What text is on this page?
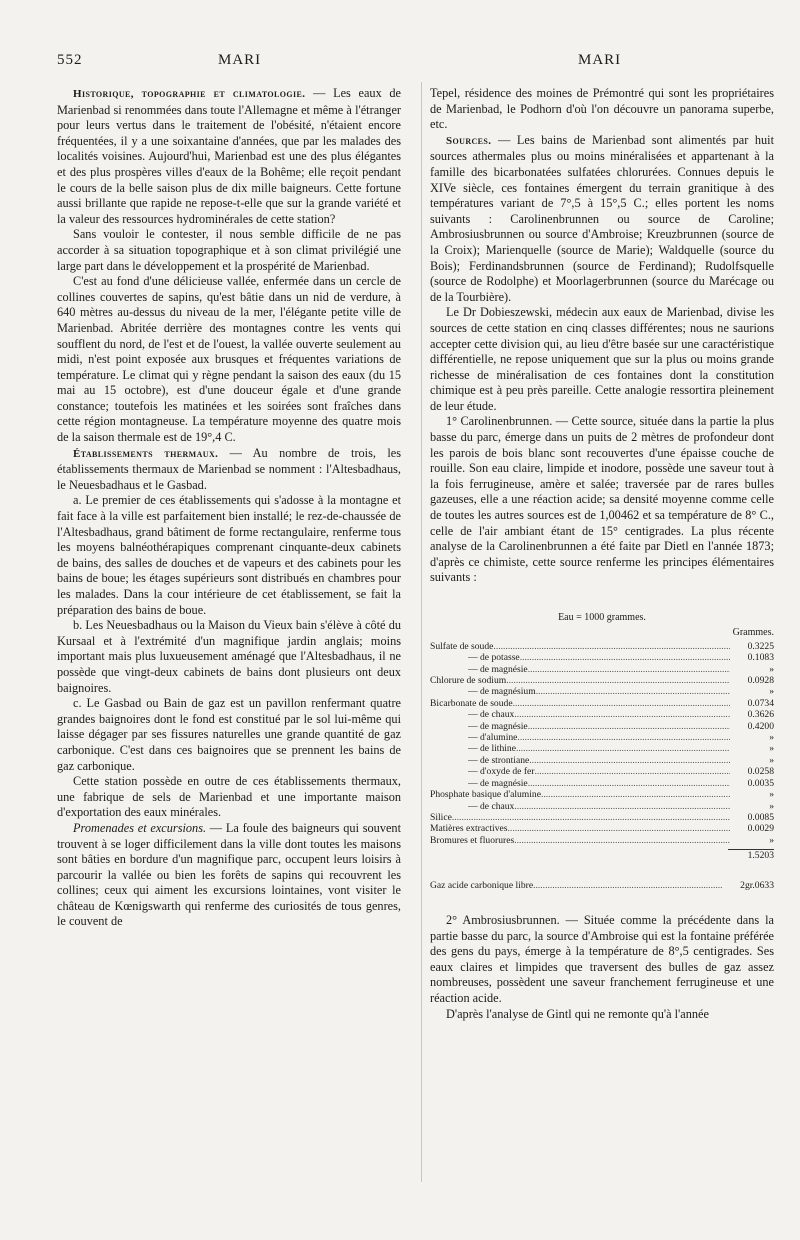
552	MARI	MARI

Historique, topographie et climatologie. — Les eaux de Marienbad si renommées dans toute l'Allemagne et même à l'étranger pour leurs vertus dans le traitement de l'obésité, n'étaient encore fréquentées, il y a une soixantaine d'années, que par les malades des localités voisines. Aujourd'hui, Marienbad est une des plus élégantes et des plus prospères villes d'eaux de la Bohême; elle reçoit pendant le cours de la belle saison plus de dix mille baigneurs. Cette fortune aussi brillante que rapide ne repose-t-elle que sur la grande variété et la valeur des ressources hydrominérales de cette station?

Sans vouloir le contester, il nous semble difficile de ne pas accorder à sa situation topographique et à son climat privilégié une large part dans le développement et la prospérité de Marienbad.

C'est au fond d'une délicieuse vallée, enfermée dans un cercle de collines couvertes de sapins, qu'est bâtie dans un nid de verdure, à 640 mètres au-dessus du niveau de la mer, l'élégante petite ville de Marienbad. Abritée derrière des montagnes contre les vents qui soufflent du nord, de l'est et de l'ouest, la vallée ouverte seulement au midi, n'est point exposée aux brusques et fréquentes variations de température. Le climat qui y règne pendant la saison des eaux (du 15 mai au 15 octobre), est d'une douceur égale et d'une grande constance; toutefois les matinées et les soirées sont fraîches dans cette région montagneuse. La température moyenne des quatre mois de la saison thermale est de 19°,4 C.

Établissements thermaux. — Au nombre de trois, les établissements thermaux de Marienbad se nomment : l'Altesbadhaus, le Neuesbadhaus et le Gasbad.

a. Le premier de ces établissements qui s'adosse à la montagne et fait face à la ville est parfaitement bien installé; le rez-de-chaussée de l'Altesbadhaus, grand bâtiment de forme rectangulaire, renferme tous les moyens balnéothérapiques comprenant cinquante-deux cabinets de bains, des salles de douches et de vapeurs et des cabinets pour les bains de boue; les étages supérieurs sont distribués en chambres pour les malades. Dans la cour intérieure de cet établissement, se fait la préparation des bains de boue.

b. Les Neuesbadhaus ou la Maison du Vieux bain s'élève à côté du Kursaal et à l'extrémité d'un magnifique jardin anglais; moins important mais plus luxueusement aménagé que l'Altesbadhaus, il ne possède que vingt-deux cabinets de bains dont plusieurs ont deux baignoires.

c. Le Gasbad ou Bain de gaz est un pavillon renfermant quatre grandes baignoires dont le fond est constitué par le sol lui-même qui laisse dégager par ses fissures naturelles une grande quantité de gaz carbonique. C'est dans ces baignoires que se prennent les bains de gaz carbonique.

Cette station possède en outre de ces établissements thermaux, une fabrique de sels de Marienbad et une importante maison d'exportation des eaux minérales.

Promenades et excursions. — La foule des baigneurs qui souvent trouvent à se loger difficilement dans la ville dont toutes les maisons sont bâties en bordure d'un magnifique parc, occupent leurs loisirs à parcourir la vallée ou bien les forêts de sapins qui recouvrent les collines; ceux qui aiment les excursions lointaines, vont visiter le château de Kœnigswarth qui renferme des curiosités de tous genres, le couvent de

Tepel, résidence des moines de Prémontré qui sont les propriétaires de Marienbad, le Podhorn d'où l'on découvre un panorama superbe, etc.

Sources. — Les bains de Marienbad sont alimentés par huit sources athermales plus ou moins minéralisées et appartenant à la famille des bicarbonatées sulfatées chlorurées. Connues depuis le XIVe siècle, ces fontaines émergent du terrain granitique à des températures variant de 7°,5 à 15°,5 C.; elles portent les noms suivants : Carolinenbrunnen ou source de Caroline; Ambrosiusbrunnen ou source d'Ambroise; Kreuzbrunnen (source de la Croix); Marienquelle (source de Marie); Waldquelle (source du Bois); Ferdinandsbrunnen (source de Ferdinand); Rudolfsquelle (source de Rodolphe) et Moorlagerbrunnen (source du Marécage ou de la Tourbière).

Le Dr Dobieszewski, médecin aux eaux de Marienbad, divise les sources de cette station en cinq classes différentes; nous ne saurions accepter cette division qui, au lieu d'être basée sur une caractéristique différentielle, ne repose uniquement que sur la plus ou moins grande richesse de minéralisation de ces fontaines dont la constitution chimique est à peu près pareille. Cette analogie ressortira pleinement de leur étude.

1° Carolinenbrunnen. — Cette source, située dans la partie la plus basse du parc, émerge dans un puits de 2 mètres de profondeur dont les parois de bois blanc sont recouvertes d'une épaisse couche de rouille. Son eau claire, limpide et inodore, possède une saveur tout à la fois ferrugineuse, amère et salée; traversée par de rares bulles gazeuses, elle a une réaction acide; sa densité moyenne comme celle de toutes les autres sources est de 1,00462 et sa température de 8° C., celle de l'air ambiant étant de 15° centigrades. La plus récente analyse de la Carolinenbrunnen a été faite par Dietl en l'année 1873; d'après ce chimiste, cette source renferme les principes élémentaires suivants :

Eau = 1000 grammes.
Grammes.
Sulfate de soude .....	0.3225
— de potasse .....	0.1083
— de magnésie .....	»
Chlorure de sodium .....	0.0928
— de magnésium .....	»
Bicarbonate de soude .....	0.0734
— de chaux .....	0.3626
— de magnésie .....	0.4200
— d'alumine .....	»
— de lithine .....	»
— de strontiane .....	»
— d'oxyde de fer .....	0.0258
— de magnésie .....	0.0035
Phosphate basique d'alumine .....	»
— de chaux .....	»
Silice .....	0.0085
Matières extractives .....	0.0029
Bromures et fluorures .....	»
1.5203
Gaz acide carbonique libre .....	2gr.0633

2° Ambrosiusbrunnen. — Située comme la précédente dans la partie basse du parc, la source d'Ambroise qui est la fontaine préférée des gens du pays, émerge à la température de 8°,5 centigrades. Ses eaux claires et limpides que traversent des bulles de gaz assez nombreuses, possèdent une saveur franchement ferrugineuse et une réaction acide.

D'après l'analyse de Gintl qui ne remonte qu'à l'année
